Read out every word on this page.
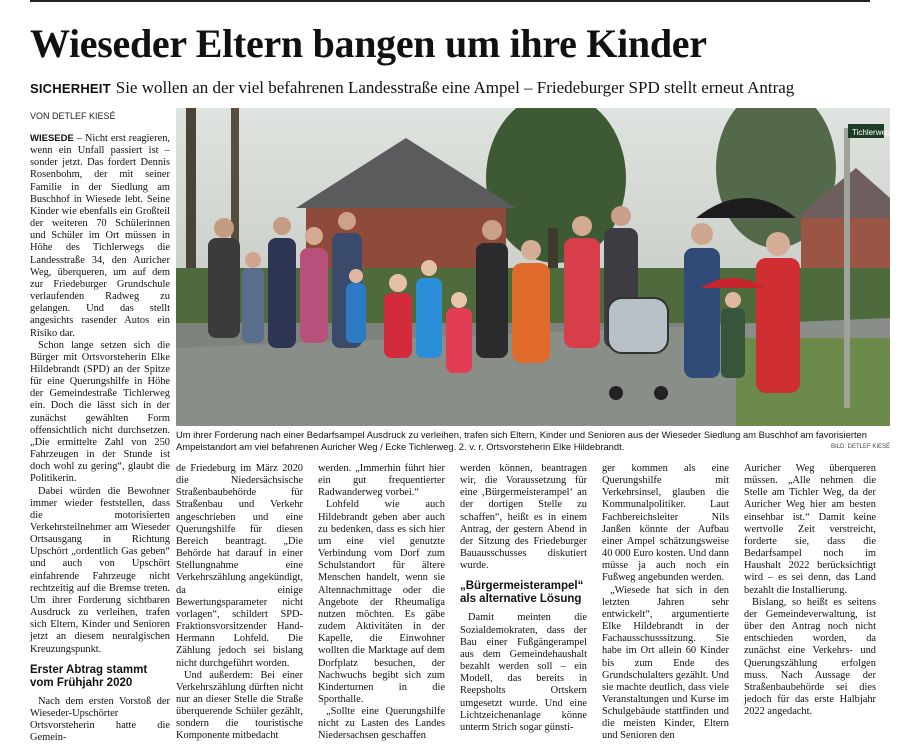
Wieseder Eltern bangen um ihre Kinder
SICHERHEIT Sie wollen an der viel befahrenen Landesstraße eine Ampel – Friedeburger SPD stellt erneut Antrag
VON DETLEF KIESÉ

WIESEDE – Nicht erst reagieren, wenn ein Unfall passiert ist – sonder jetzt. Das fordert Dennis Rosenbohm, der mit seiner Familie in der Siedlung am Buschhof in Wiesede lebt. Seine Kinder wie ebenfalls ein Großteil der weiteren 70 Schülerinnen und Schüler im Ort müssen in Höhe des Tichlerwegs die Landesstraße 34, den Auricher Weg, überqueren, um auf dem zur Friedeburger Grundschule verlaufenden Radweg zu gelangen. Und das stellt angesichts rasender Autos ein Risiko dar.

Schon lange setzen sich die Bürger mit Ortsvorsteherin Elke Hildebrandt (SPD) an der Spitze für eine Querungshilfe in Höhe der Gemeindestraße Tichlerweg ein. Doch die lässt sich in der zunächst gewählten Form offensichtlich nicht durchsetzen. „Die ermittelte Zahl von 250 Fahrzeugen in der Stunde ist doch wohl zu gering“, glaubt die Politikerin.

Dabei würden die Bewohner immer wieder feststellen, dass die motorisierten Verkehrsteilnehmer am Wieseder Ortsausgang in Richtung Upschört „ordentlich Gas geben“ und auch von Upschört einfahrende Fahrzeuge nicht rechtzeitig auf die Bremse treten. Um ihrer Forderung sichtbaren Ausdruck zu verleihen, trafen sich Eltern, Kinder und Senioren jetzt an diesem neuralgischen Kreuzungspunkt.

Erster Abtrag stammt vom Frühjahr 2020

Nach dem ersten Vorstoß der Wieseder-Upschörter Ortsvorsteherin hatte die Gemein-

Tichlerweg
Um ihrer Forderung nach einer Bedarfsampel Ausdruck zu verleihen, trafen sich Eltern, Kinder und Senioren aus der Wieseder Siedlung am Buschhof am favorisierten Ampelstandort am viel befahrenen Auricher Weg / Ecke Tichlerweg. 2. v. r. Ortsvorsteherin Elke Hildebrandt.	BILD: DETLEF KIESÉ

de Friedeburg im März 2020 die Niedersächsische Straßenbaubehörde für Straßenbau und Verkehr angeschrieben und eine Querungshilfe für diesen Bereich beantragt. „Die Behörde hat darauf in einer Stellungnahme eine Verkehrszählung angekündigt, da einige Bewertungsparameter nicht vorlagen“, schildert SPD-Fraktionsvorsitzender Hand-Hermann Lohfeld. Die Zählung jedoch sei bislang nicht durchgeführt worden.

Und außerdem: Bei einer Verkehrszählung dürften nicht nur an dieser Stelle die Straße überquerende Schüler gezählt, sondern die touristische Komponente mitbedacht

werden. „Immerhin führt hier ein gut frequentierter Radwanderweg vorbei.“

Lohfeld wie auch Hildebrandt geben aber auch zu bedenken, dass es sich hier um eine viel genutzte Verbindung vom Dorf zum Schulstandort für ältere Menschen handelt, wenn sie Altennachmittage oder die Angebote der Rheumaliga nutzen möchten. Es gäbe zudem Aktivitäten in der Kapelle, die Einwohner wollten die Marktage auf dem Dorfplatz besuchen, der Nachwuchs begibt sich zum Kinderturnen in die Sporthalle.

„Sollte eine Querungshilfe nicht zu Lasten des Landes Niedersachsen geschaffen

werden können, beantragen wir, die Voraussetzung für eine ‚Bürgermeisterampel‘ an der dortigen Stelle zu schaffen“, heißt es in einem Antrag, der gestern Abend in der Sitzung des Friedeburger Bauausschusses diskutiert wurde.

„Bürgermeisterampel“ als alternative Lösung

Damit meinten die Sozialdemokraten, dass der Bau einer Fußgängerampel aus dem Gemeindehaushalt bezahlt werden soll – ein Modell, das bereits in Reepsholts Ortskern umgesetzt wurde. Und eine Lichtzeichenanlage könne unterm Strich sogar günsti-

ger kommen als eine Querungshilfe mit Verkehrsinsel, glauben die Kommunalpolitiker. Laut Fachbereichsleiter Nils Janßen könnte der Aufbau einer Ampel schätzungsweise 40 000 Euro kosten. Und dann müsse ja auch noch ein Fußweg angebunden werden.

„Wiesede hat sich in den letzten Jahren sehr entwickelt“, argumentierte Elke Hildebrandt in der Fachausschusssitzung. Sie habe im Ort allein 60 Kinder bis zum Ende des Grundschulalters gezählt. Und sie machte deutlich, dass viele Veranstaltungen und Kurse im Schulgebäude stattfinden und die meisten Kinder, Eltern und Senioren den

Auricher Weg überqueren müssen. „Alle nehmen die Stelle am Tichler Weg, da der Auricher Weg hier am besten einsehbar ist.“ Damit keine wertvolle Zeit verstreicht, forderte sie, dass die Bedarfsampel noch im Haushalt 2022 berücksichtigt wird – es sei denn, das Land bezahlt die Installierung.

Bislang, so heißt es seitens der Gemeindeverwaltung, ist über den Antrag noch nicht entschieden worden, da zunächst eine Verkehrs- und Querungszählung erfolgen muss. Nach Aussage der Straßenbaubehörde sei dies jedoch für das erste Halbjahr 2022 angedacht.
